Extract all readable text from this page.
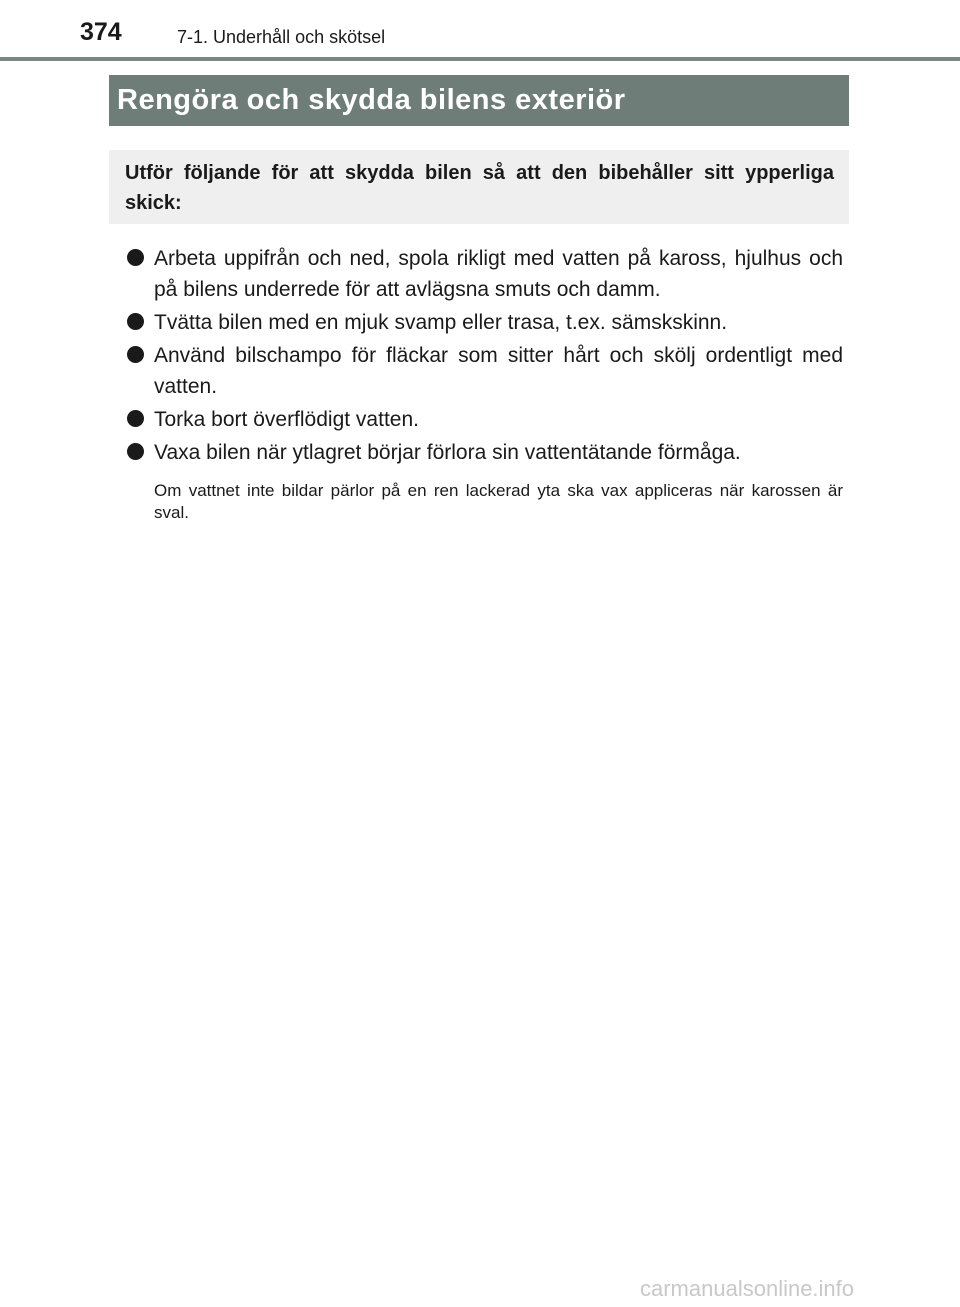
374	7-1. Underhåll och skötsel
Rengöra och skydda bilens exteriör
Utför följande för att skydda bilen så att den bibehåller sitt ypperliga skick:
Arbeta uppifrån och ned, spola rikligt med vatten på kaross, hjulhus och på bilens underrede för att avlägsna smuts och damm.
Tvätta bilen med en mjuk svamp eller trasa, t.ex. sämskskinn.
Använd bilschampo för fläckar som sitter hårt och skölj ordentligt med vatten.
Torka bort överflödigt vatten.
Vaxa bilen när ytlagret börjar förlora sin vattentätande förmåga.
Om vattnet inte bildar pärlor på en ren lackerad yta ska vax appliceras när karossen är sval.
carmanualsonline.info
